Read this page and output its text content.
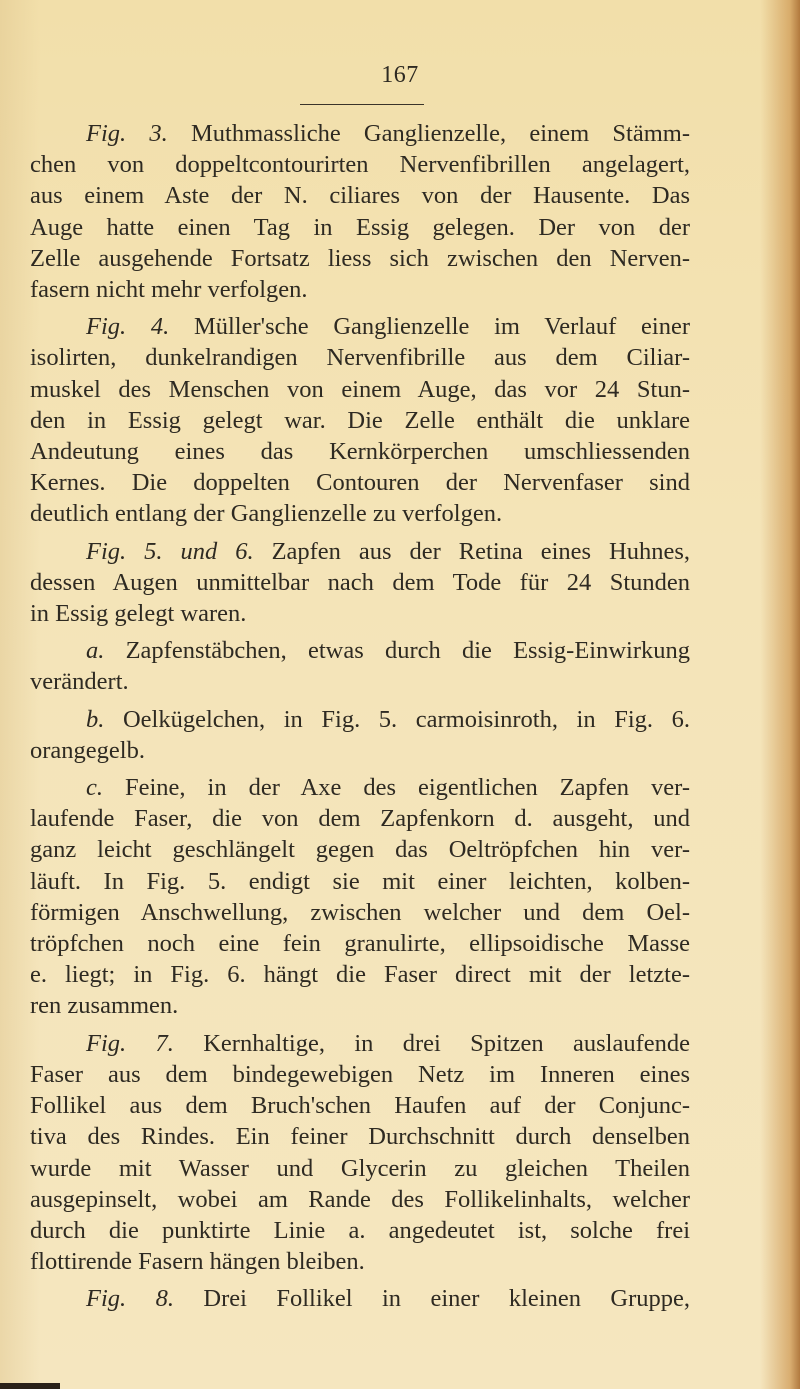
167
Fig. 3. Muthmassliche Ganglienzelle, einem Stämm-
chen von doppeltcontourirten Nervenfibrillen angelagert,
aus einem Aste der N. ciliares von der Hausente. Das
Auge hatte einen Tag in Essig gelegen. Der von der
Zelle ausgehende Fortsatz liess sich zwischen den Nerven-
fasern nicht mehr verfolgen.
Fig. 4. Müller'sche Ganglienzelle im Verlauf einer
isolirten, dunkelrandigen Nervenfibrille aus dem Ciliar-
muskel des Menschen von einem Auge, das vor 24 Stun-
den in Essig gelegt war. Die Zelle enthält die unklare
Andeutung eines das Kernkörperchen umschliessenden
Kernes. Die doppelten Contouren der Nervenfaser sind
deutlich entlang der Ganglienzelle zu verfolgen.
Fig. 5. und 6. Zapfen aus der Retina eines Huhnes,
dessen Augen unmittelbar nach dem Tode für 24 Stunden
in Essig gelegt waren.
a. Zapfenstäbchen, etwas durch die Essig-Einwirkung
verändert.
b. Oelkügelchen, in Fig. 5. carmoisinroth, in Fig. 6.
orangegelb.
c. Feine, in der Axe des eigentlichen Zapfen ver-
laufende Faser, die von dem Zapfenkorn d. ausgeht, und
ganz leicht geschlängelt gegen das Oeltröpfchen hin ver-
läuft. In Fig. 5. endigt sie mit einer leichten, kolben-
förmigen Anschwellung, zwischen welcher und dem Oel-
tröpfchen noch eine fein granulirte, ellipsoidische Masse
e. liegt; in Fig. 6. hängt die Faser direct mit der letzte-
ren zusammen.
Fig. 7. Kernhaltige, in drei Spitzen auslaufende
Faser aus dem bindegewebigen Netz im Inneren eines
Follikel aus dem Bruch'schen Haufen auf der Conjunc-
tiva des Rindes. Ein feiner Durchschnitt durch denselben
wurde mit Wasser und Glycerin zu gleichen Theilen
ausgepinselt, wobei am Rande des Follikelinhalts, welcher
durch die punktirte Linie a. angedeutet ist, solche frei
flottirende Fasern hängen bleiben.
Fig. 8. Drei Follikel in einer kleinen Gruppe,
